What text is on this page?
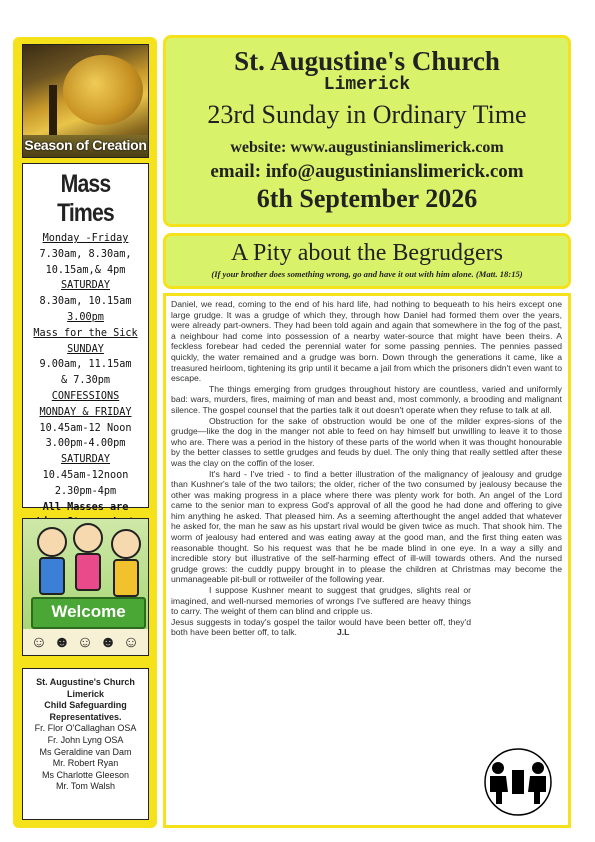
Season of Creation
Mass Times
Monday -Friday
7.30am, 8.30am,
10.15am,& 4pm
SATURDAY
8.30am, 10.15am
3.00pm
Mass for the Sick
SUNDAY
9.00am, 11.15am
& 7.30pm
CONFESSIONS
MONDAY & FRIDAY
10.45am-12 Noon
3.00pm-4.00pm
SATURDAY
10.45am-12noon
2.30pm-4pm
All Masses are
Welcome
☺ ☻ ☺ ☻ ☺
St. Augustine's Church
Limerick
Child Safeguarding
Representatives.
Fr. Flor O'Callaghan OSA
Fr. John Lyng OSA
Ms Geraldine van Dam
Mr. Robert Ryan
Ms Charlotte Gleeson
Mr. Tom Walsh
St. Augustine's Church
Limerick
23rd Sunday in Ordinary Time
website: www.augustinianslimerick.com
email: info@augustinianslimerick.com
6th September 2026
A Pity about the Begrudgers
(If your brother does something wrong, go and have it out with him alone. (Matt. 18:15)

Daniel, we read, coming to the end of his hard life, had nothing to bequeath to his heirs except one large grudge. It was a grudge of which they, through how Daniel had formed them over the years, were already part-owners. They had been told again and again that somewhere in the fog of the past, a neighbour had come into possession of a nearby water-source that might have been theirs. A feckless forebear had ceded the perennial water for some passing pennies. The pennies passed quickly, the water remained and a grudge was born. Down through the generations it came, like a treasured heirloom, tightening its grip until it became a jail from which the prisoners didn't even want to escape.

The things emerging from grudges throughout history are countless, varied and uniformly bad: wars, murders, fires, maiming of man and beast and, most commonly, a brooding and malignant silence. The gospel counsel that the parties talk it out doesn't operate when they refuse to talk at all.

Obstruction for the sake of obstruction would be one of the milder expres-sions of the grudge—like the dog in the manger not able to feed on hay himself but unwilling to leave it to those who are. There was a period in the history of these parts of the world when it was thought honourable by the better classes to settle grudges and feuds by duel. The only thing that really settled after these was the clay on the coffin of the loser.

It's hard - I've tried - to find a better illustration of the malignancy of jealousy and grudge than Kushner's tale of the two tailors; the older, richer of the two consumed by jealousy because the other was making progress in a place where there was plenty work for both. An angel of the Lord came to the senior man to express God's approval of all the good he had done and offering to give him anything he asked. That pleased him. As a seeming afterthought the angel added that whatever he asked for, the man he saw as his upstart rival would be given twice as much. That shook him. The worm of jealousy had entered and was eating away at the good man, and the first thing eaten was reasonable thought. So his request was that he be made blind in one eye. In a way a silly and incredible story but illustrative of the self-harming effect of ill-will towards others. And the nursed grudge grows: the cuddly puppy brought in to please the children at Christmas may become the unmanageable pit-bull or rottweiler of the following year.

I suppose Kushner meant to suggest that grudges, slights real or imagined, and well-nursed memories of wrongs I've suffered are heavy things to carry. The weight of them can blind and cripple us.

Jesus suggests in today's gospel the tailor would have been better off, they'd both have been better off, to talk.	J.L
